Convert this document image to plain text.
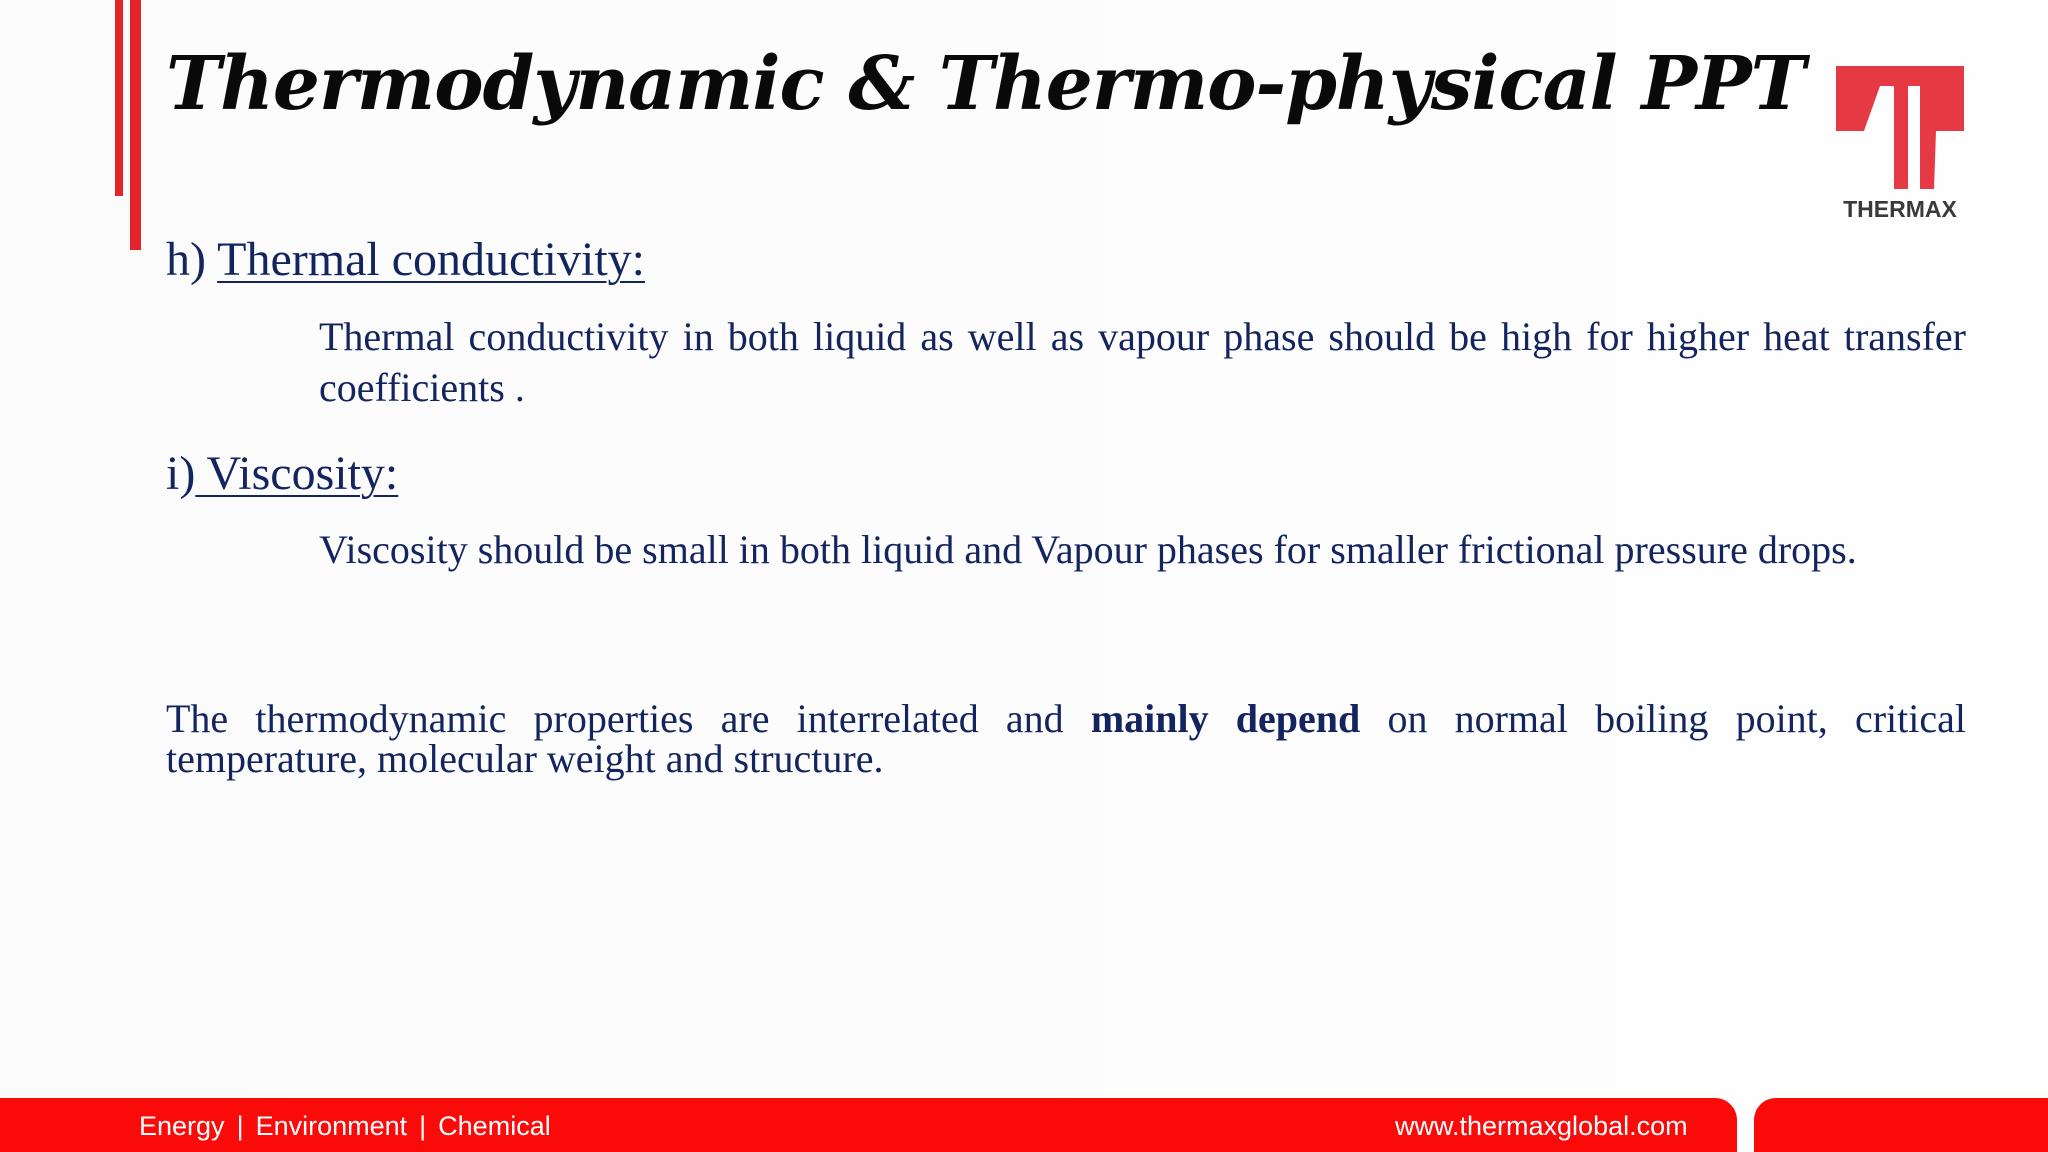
Thermodynamic & Thermo-physical PPT
THERMAX
h) Thermal conductivity:

Thermal conductivity in both liquid as well as vapour phase should be high for higher heat transfer coefficients .

i) Viscosity:

Viscosity should be small in both liquid and Vapour phases for smaller frictional pressure drops.

The thermodynamic properties are interrelated and mainly depend on normal boiling point, critical temperature, molecular weight and structure.

Energy | Environment | Chemical	www.thermaxglobal.com
